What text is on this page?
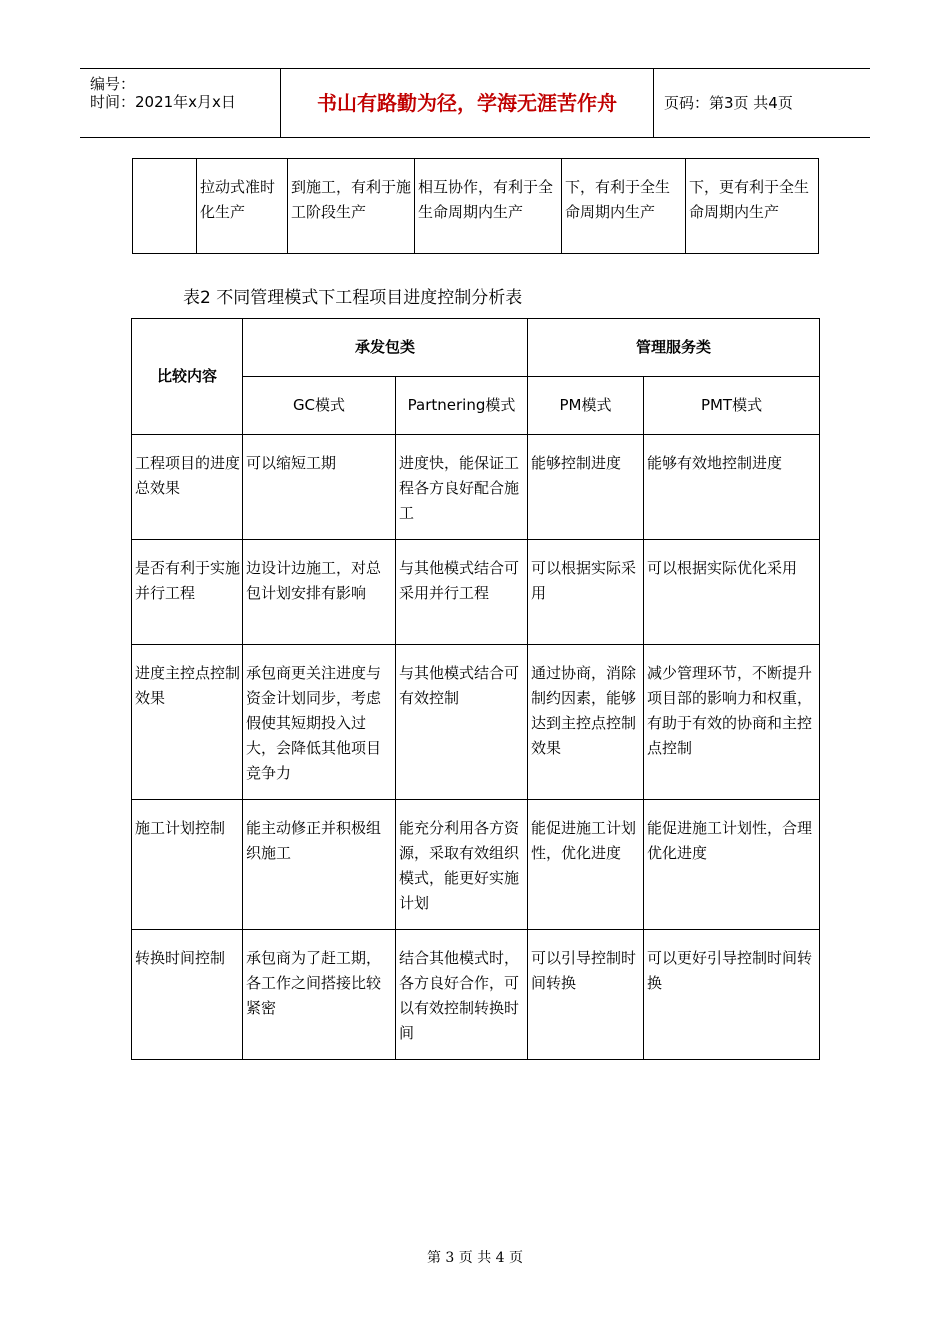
编号：
时间：2021年x月x日	书山有路勤为径，学海无涯苦作舟	页码：第3页 共4页
	拉动式准时化生产	到施工，有利于施工阶段生产	相互协作，有利于全生命周期内生产	下，有利于全生命周期内生产	下，更有利于全生命周期内生产
表2 不同管理模式下工程项目进度控制分析表
比较内容	承发包类		管理服务类	
	GC模式	Partnering模式	PM模式	PMT模式
工程项目的进度总效果	可以缩短工期	进度快，能保证工程各方良好配合施工	能够控制进度	能够有效地控制进度
是否有利于实施并行工程	边设计边施工，对总包计划安排有影响	与其他模式结合可采用并行工程	可以根据实际采用	可以根据实际优化采用
进度主控点控制效果	承包商更关注进度与资金计划同步，考虑假使其短期投入过大，会降低其他项目竞争力	与其他模式结合可有效控制	通过协商，消除制约因素，能够达到主控点控制效果	减少管理环节，不断提升项目部的影响力和权重，有助于有效的协商和主控点控制
施工计划控制	能主动修正并积极组织施工	能充分利用各方资源，采取有效组织模式，能更好实施计划	能促进施工计划性，优化进度	能促进施工计划性，合理优化进度
转换时间控制	承包商为了赶工期，各工作之间搭接比较紧密	结合其他模式时，各方良好合作，可以有效控制转换时间	可以引导控制时间转换	可以更好引导控制时间转换
第 3 页 共 4 页
